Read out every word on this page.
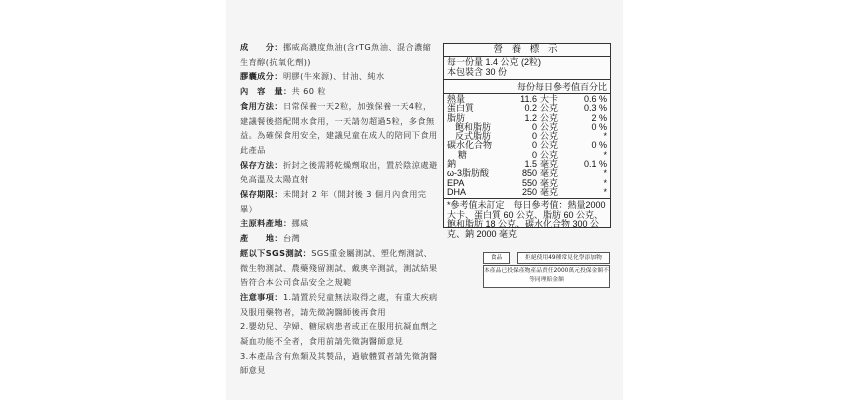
成　　分：挪威高濃度魚油(含rTG魚油、混合濃縮生育醇(抗氧化劑))

膠囊成分：明膠(牛來源)、甘油、純水

內　容　量：共 60 粒

食用方法：日常保養一天2粒，加強保養一天4粒，建議餐後搭配開水食用，一天請勿超過5粒，多食無益。為確保食用安全，建議兒童在成人的陪同下食用此產品

保存方法：折封之後需將乾燥劑取出，置於陰涼處避免高溫及太陽直射

保存期限：未開封 2 年（開封後 3 個月內食用完畢）

主原料產地：挪威

產　　地：台灣

經以下SGS測試：SGS重金屬測試、塑化劑測試、微生物測試、農藥殘留測試、戴奧辛測試，測試結果皆符合本公司食品安全之規範

注意事項：1.請置於兒童無法取得之處，有重大疾病及服用藥物者，請先徵詢醫師後再食用

2.嬰幼兒、孕婦、糖尿病患者或正在服用抗凝血劑之凝血功能不全者，食用前請先徵詢醫師意見

3.本產品含有魚類及其製品，過敏體質者請先徵詢醫師意見

營 養 標 示
每一份量 1.4 公克 (2粒)
本包裝含 30 份
每份每日參考值百分比
熱量	11.6	大卡	0.6 %
蛋白質	0.2	公克	0.3 %
脂肪	1.2	公克	2 %
飽和脂肪	0	公克	0 %
反式脂肪	0	公克	*
碳水化合物	0	公克	0 %
糖	0	公克	*
鈉	1.5	毫克	0.1 %
ω-3脂肪酸	850	毫克	*
EPA	550	毫克	*
DHA	250	毫克	*
*參考值未訂定　每日參考值：熱量2000 大卡、蛋白質 60 公克、脂肪 60 公克、飽和脂肪 18 公克、碳水化合物 300 公克、鈉 2000 毫克
食品	拒絕使用49種常見化學添加物
本產品已投保產物產品責任2000萬元投保金額不等同理賠金額
